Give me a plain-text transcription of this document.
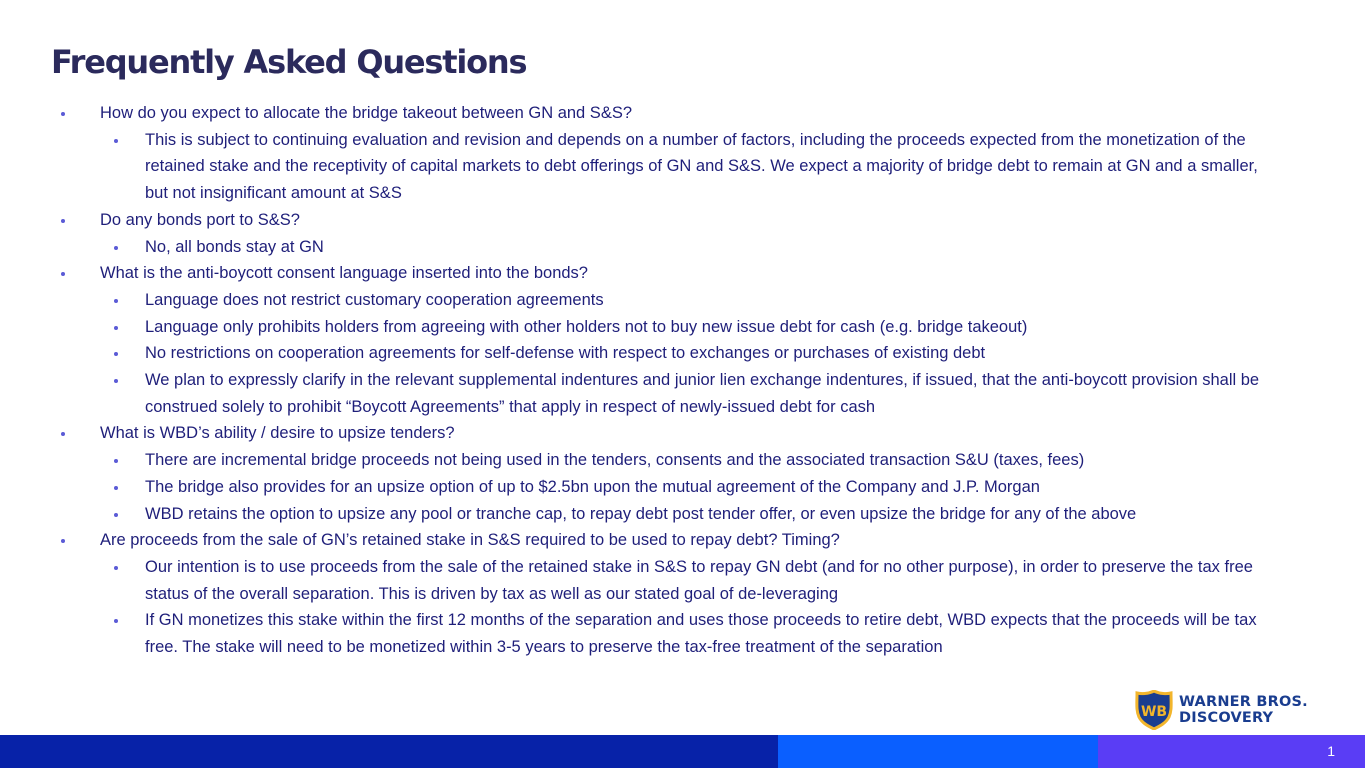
Frequently Asked Questions
How do you expect to allocate the bridge takeout between GN and S&S?
This is subject to continuing evaluation and revision and depends on a number of factors, including the proceeds expected from the monetization of the retained stake and the receptivity of capital markets to debt offerings of GN and S&S. We expect a majority of bridge debt to remain at GN and a smaller, but not insignificant amount at S&S
Do any bonds port to S&S?
No, all bonds stay at GN
What is the anti-boycott consent language inserted into the bonds?
Language does not restrict customary cooperation agreements
Language only prohibits holders from agreeing with other holders not to buy new issue debt for cash (e.g. bridge takeout)
No restrictions on cooperation agreements for self-defense with respect to exchanges or purchases of existing debt
We plan to expressly clarify in the relevant supplemental indentures and junior lien exchange indentures, if issued, that the anti-boycott provision shall be construed solely to prohibit “Boycott Agreements” that apply in respect of newly-issued debt for cash
What is WBD’s ability / desire to upsize tenders?
There are incremental bridge proceeds not being used in the tenders, consents and the associated transaction S&U (taxes, fees)
The bridge also provides for an upsize option of up to $2.5bn upon the mutual agreement of the Company and J.P. Morgan
WBD retains the option to upsize any pool or tranche cap, to repay debt post tender offer, or even upsize the bridge for any of the above
Are proceeds from the sale of GN’s retained stake in S&S required to be used to repay debt? Timing?
Our intention is to use proceeds from the sale of the retained stake in S&S to repay GN debt (and for no other purpose), in order to preserve the tax free status of the overall separation. This is driven by tax as well as our stated goal of de-leveraging
If GN monetizes this stake within the first 12 months of the separation and uses those proceeds to retire debt, WBD expects that the proceeds will be tax free. The stake will need to be monetized within 3-5 years to preserve the tax-free treatment of the separation
WB
WARNER BROS.
DISCOVERY
1
